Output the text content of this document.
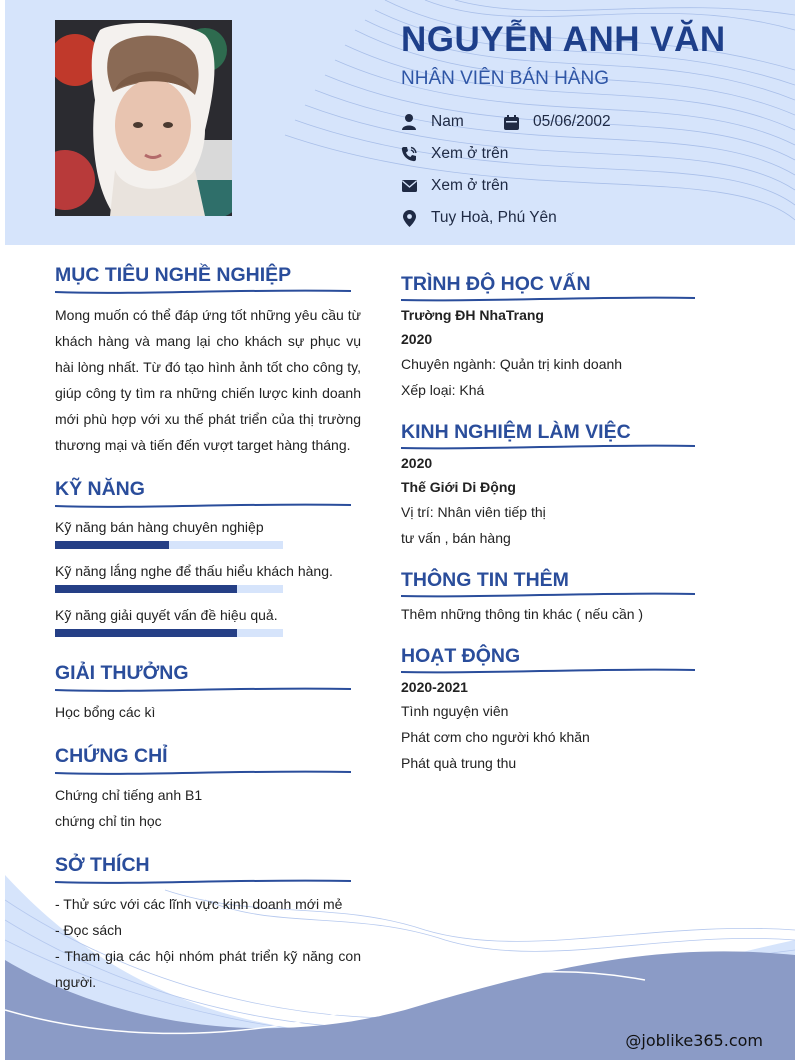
NGUYỄN ANH VĂN
NHÂN VIÊN BÁN HÀNG
Nam	05/06/2002
Xem ở trên
Xem ở trên
Tuy Hoà, Phú Yên
MỤC TIÊU NGHỀ NGHIỆP
Mong muốn có thể đáp ứng tốt những yêu cầu từ
khách hàng và mang lại cho khách sự phục vụ
hài lòng nhất. Từ đó tạo hình ảnh tốt cho công ty,
giúp công ty tìm ra những chiến lược kinh doanh
mới phù hợp với xu thế phát triển của thị trường
thương mại và tiến đến vượt target hàng tháng.
KỸ NĂNG
Kỹ năng bán hàng chuyên nghiệp
Kỹ năng lắng nghe để thấu hiểu khách hàng.
Kỹ năng giải quyết vấn đề hiệu quả.
GIẢI THƯỞNG
Học bổng các kì
CHỨNG CHỈ
Chứng chỉ tiếng anh B1
chứng chỉ tin học
SỞ THÍCH
- Thử sức với các lĩnh vực kinh doanh mới mẻ
- Đọc sách
- Tham gia các hội nhóm phát triển kỹ năng con
người.
TRÌNH ĐỘ HỌC VẤN
Trường ĐH NhaTrang
2020
Chuyên ngành: Quản trị kinh doanh
Xếp loại: Khá
KINH NGHIỆM LÀM VIỆC
2020
Thế Giới Di Động
Vị trí: Nhân viên tiếp thị
tư vấn , bán hàng
THÔNG TIN THÊM
Thêm những thông tin khác ( nếu cần )
HOẠT ĐỘNG
2020-2021
Tình nguyện viên
Phát cơm cho người khó khăn
Phát quà trung thu
@joblike365.com
